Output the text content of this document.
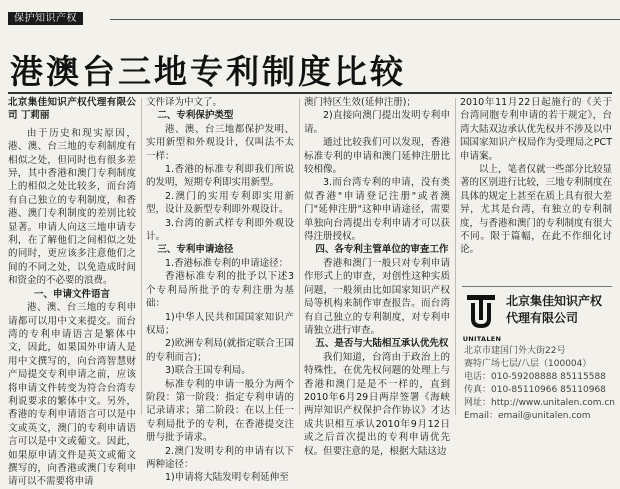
保护知识产权
港澳台三地专利制度比较

北京集佳知识产权代理有限公司 丁莉丽

由于历史和现实原因，港、澳、台三地的专利制度有相似之处，但同时也有很多差异，其中香港和澳门专利制度上的相似之处比较多，而台湾有自己独立的专利制度，和香港、澳门专利制度的差别比较显著。申请人向这三地申请专利，在了解他们之间相似之处的同时，更应该多注意他们之间的不同之处，以免造成时间和资金的不必要的浪费。

一、申请文件语言

港、澳、台三地的专利申请都可以用中文来提交。而台湾的专利申请语言是繁体中文，因此，如果国外申请人是用中文撰写的，向台湾智慧财产局提交专利申请之前，应该将申请文件转变为符合台湾专利说要求的繁体中文。另外，香港的专利申请语言可以是中文或英文，澳门的专利申请语言可以是中文或葡文。因此，如果原申请文件是英文或葡文撰写的，向香港或澳门专利申请可以不需要将申请

文件译为中文了。

二、专利保护类型

港、澳、台三地都保护发明、实用新型和外观设计，仅叫法不太一样：

1.香港的标准专利即我们所说的发明，短期专利即实用新型。

2.澳门的实用专利即实用新型，设计及新型专利即外观设计。

3.台湾的新式样专利即外观设计。

三、专利申请途径

1.香港标准专利的申请途径：

香港标准专利的批予以下述3个专利局所批予的专利注册为基础：

1)中华人民共和国国家知识产权局；

2)欧洲专利局(就指定联合王国的专利而言)；

3)联合王国专利局。

标准专利的申请一般分为两个阶段：第一阶段：指定专利申请的记录请求；第二阶段：在以上任一专利局批予的专利，在香港提交注册与批予请求。

2.澳门发明专利的申请有以下两种途径：

1)申请将大陆发明专利延伸至

澳门特区生效(延伸注册)；

2)直接向澳门提出发明专利申请。

通过比较我们可以发现，香港标准专利的申请和澳门延伸注册比较相像。

3.而台湾专利的申请，没有类似香港"申请登记注册"或者澳门"延伸注册"这种申请途径，需要单独向台湾提出专利申请才可以获得注册授权。

四、各专利主管单位的审查工作

香港和澳门一般只对专利申请作形式上的审查，对创性这种实质问题，一般须由比如国家知识产权局等机构来制作审查报告。而台湾有自己独立的专利制度，对专利申请独立进行审查。

五、是否与大陆相互承认优先权

我们知道，台湾由于政治上的特殊性，在优先权问题的处理上与香港和澳门是是不一样的，直到2010年6月29日两岸签署《海峡两岸知识产权保护合作协议》才达成共识相互承认2010年9月12日或之后首次提出的专利申请优先权。但要注意的是，根据大陆这边

2010年11月22日起施行的《关于台湾同胞专利申请的若干规定》，台湾大陆双边承认优先权并不涉及以中国国家知识产权局作为受理局之PCT申请案。

以上，笔者仅就一些部分比较显著的区别进行比较，三地专利制度在具体的规定上甚至在质上具有很大差异，尤其是台湾，有独立的专利制度，与香港和澳门的专利制度有很大不同。限于篇幅，在此不作细化讨论。

UNITALEN
北京集佳知识产权代理有限公司
北京市建国门外大街22号
赛特广场七层/八层（100004）
电话：010-59208888 85115588
传真：010-85110966 85110968
网址：http://www.unitalen.com.cn
Email：email@unitalen.com
